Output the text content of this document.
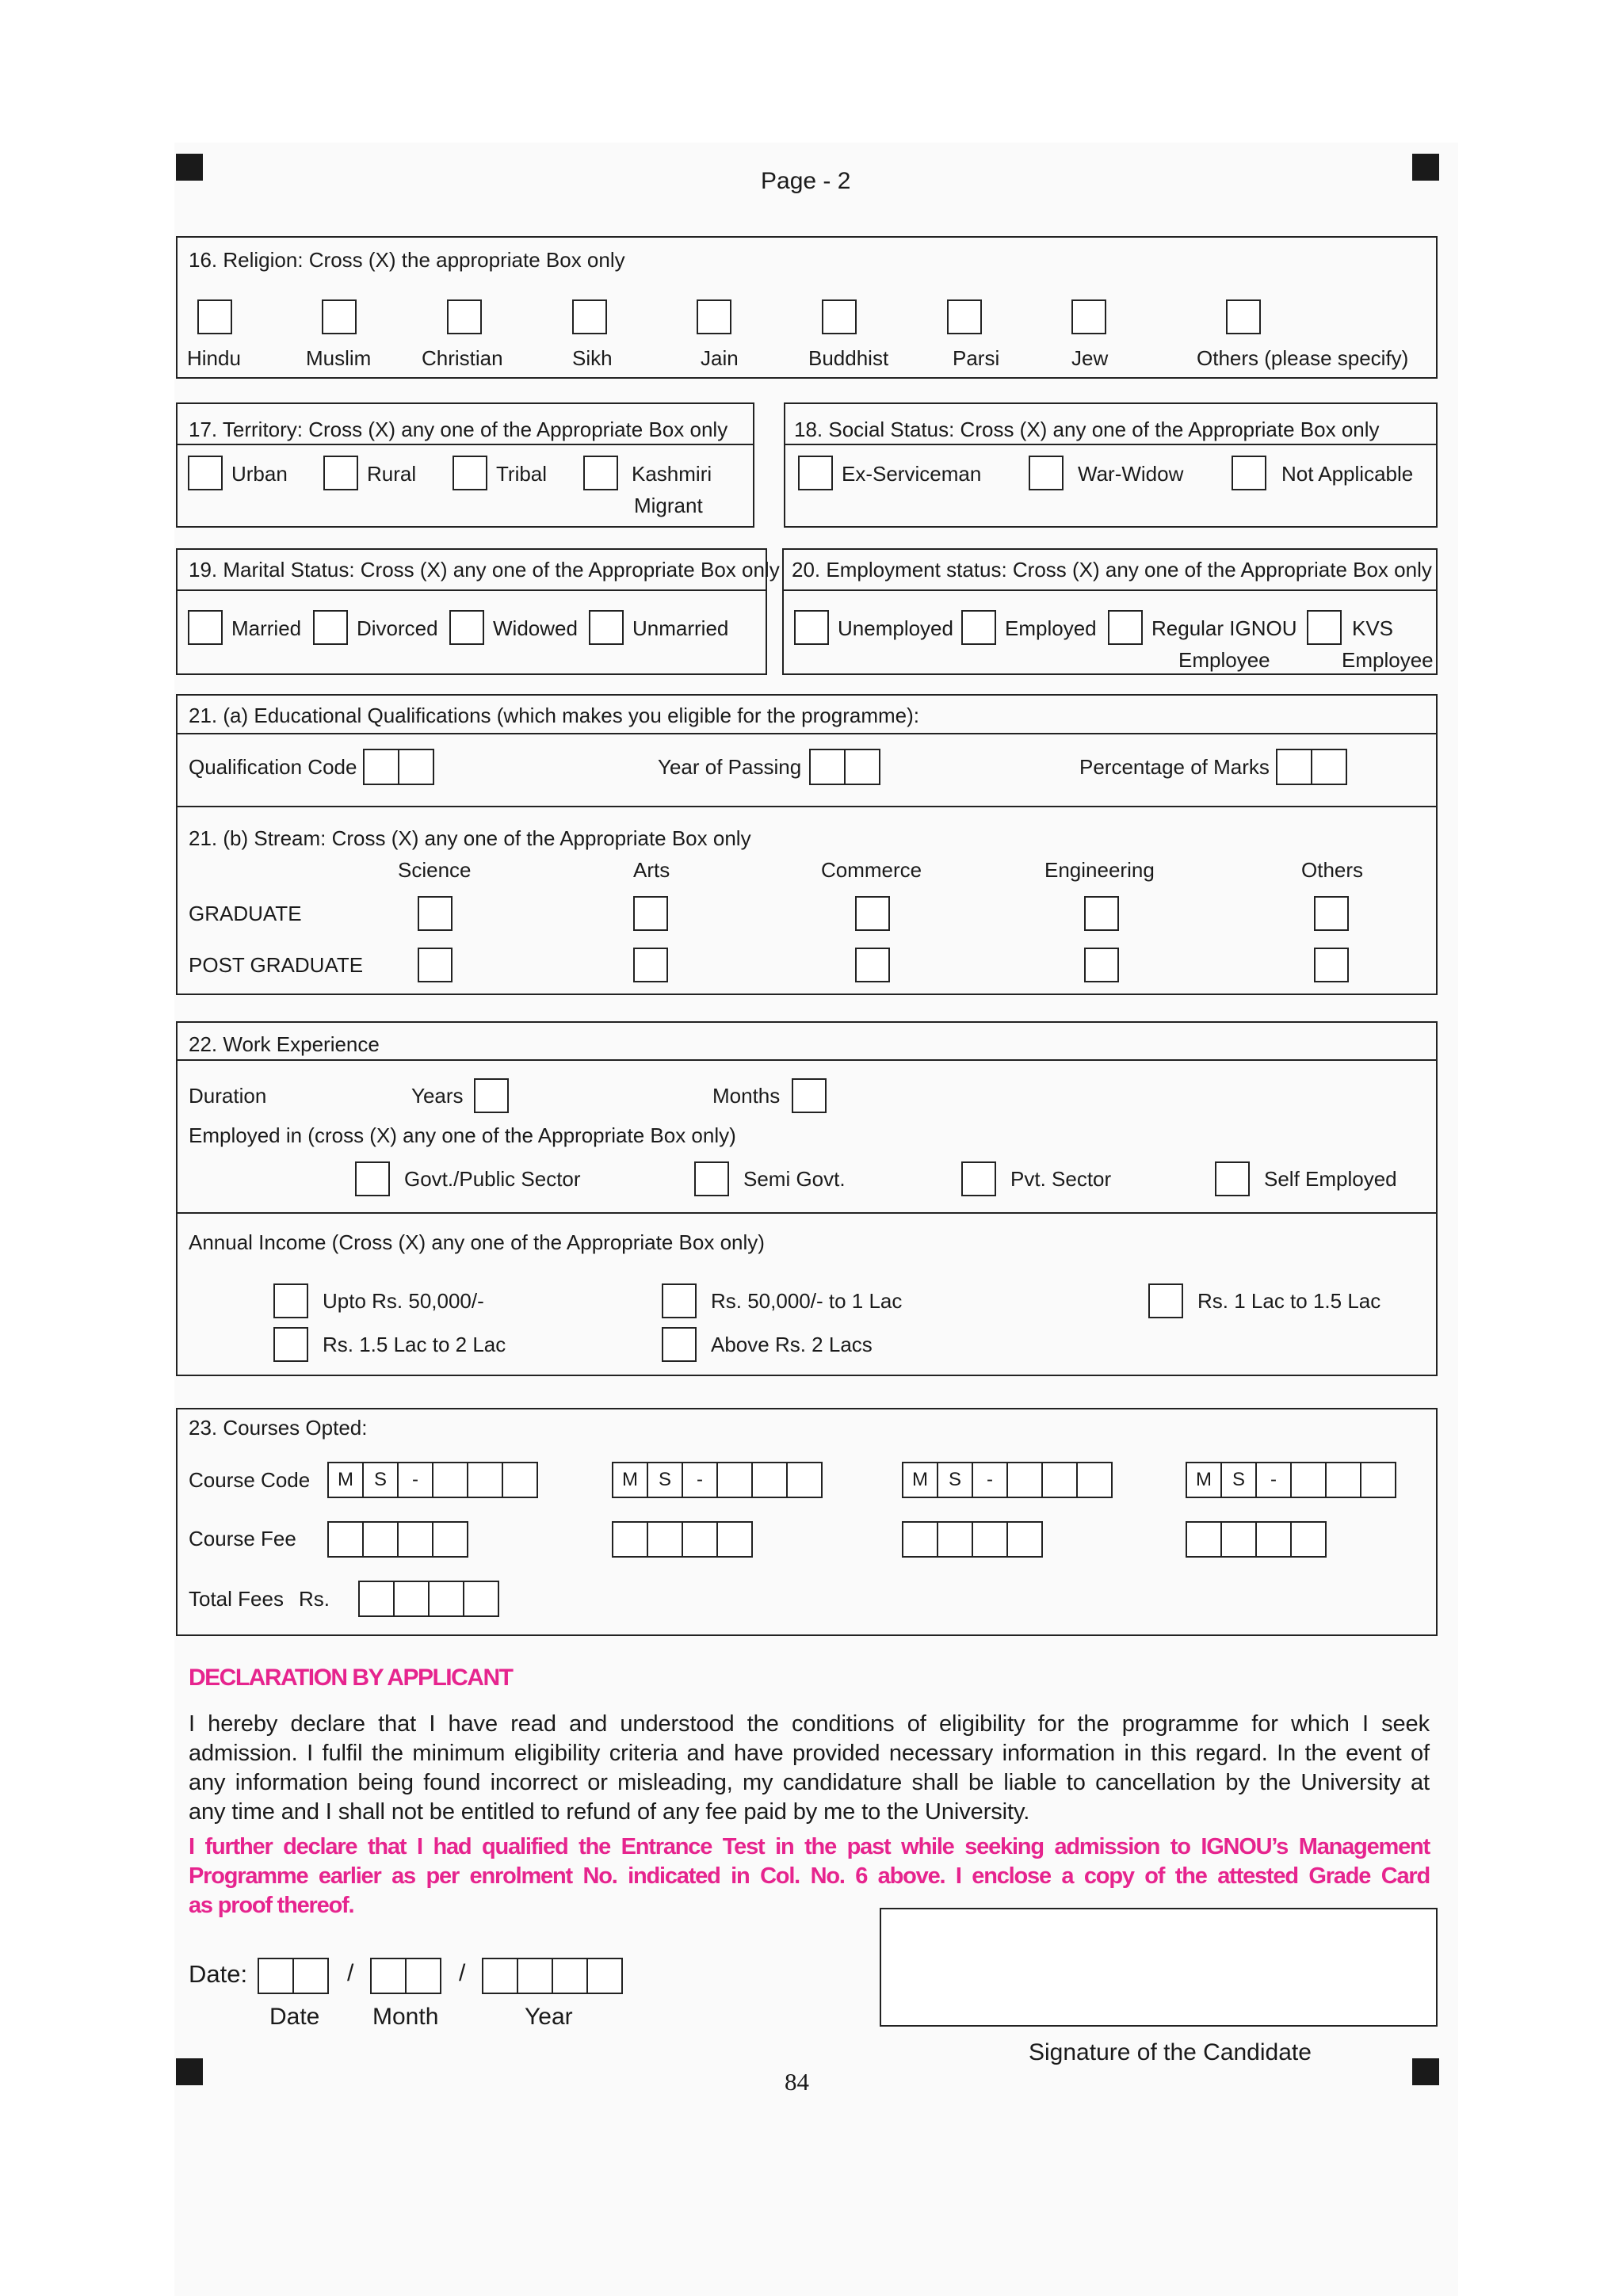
Page - 2
16. Religion: Cross (X) the appropriate Box only
Hindu	Muslim Christian	Sikh	Jain	Buddhist	Parsi	Jew	Others (please specify)
17. Territory: Cross (X) any one of the Appropriate Box only
Urban	Rural	Tribal	Kashmiri
Migrant
18. Social Status: Cross (X) any one of the Appropriate Box only
Ex-Serviceman	War-Widow	Not Applicable
19. Marital Status: Cross (X) any one of the Appropriate Box only
Married	Divorced	Widowed	Unmarried
20. Employment status: Cross (X) any one of the Appropriate Box only
Unemployed	Employed	Regular IGNOU
Employee
KVS
Employee
21. (a) Educational Qualifications (which makes you eligible for the programme):
Qualification Code	Year of Passing	Percentage of Marks
21. (b) Stream: Cross (X) any one of the Appropriate Box only
Science	Arts	Commerce	Engineering	Others
GRADUATE
POST GRADUATE
22. Work Experience
Duration	Years	Months
Employed in (cross (X) any one of the Appropriate Box only)
Govt./Public Sector	Semi Govt.	Pvt. Sector	Self Employed
Annual Income (Cross (X) any one of the Appropriate Box only)
Upto Rs. 50,000/-	Rs. 50,000/- to 1 Lac	Rs. 1 Lac to 1.5 Lac
Rs. 1.5 Lac to 2 Lac	Above Rs. 2 Lacs
23. Courses Opted:
Course Code
Course Fee
Total Fees Rs.
M	S	-	M	S	-	M	S	-	M	S	-
DECLARATION BY APPLICANT
I hereby declare that I have read and understood the conditions of eligibility for the programme for which I seek
admission. I fulfil the minimum eligibility criteria and have provided necessary information in this regard. In the event of
any information being found incorrect or misleading, my candidature shall be liable to cancellation by the University at
any time and I shall not be entitled to refund of any fee paid by me to the University.
I further declare that I had qualified the Entrance Test in the past while seeking admission to IGNOU’s Management
Programme earlier as per enrolment No. indicated in Col. No. 6 above. I enclose a copy of the attested Grade Card
as proof thereof.
Date:	/	/
Date Month	Year
Signature of the Candidate
84
